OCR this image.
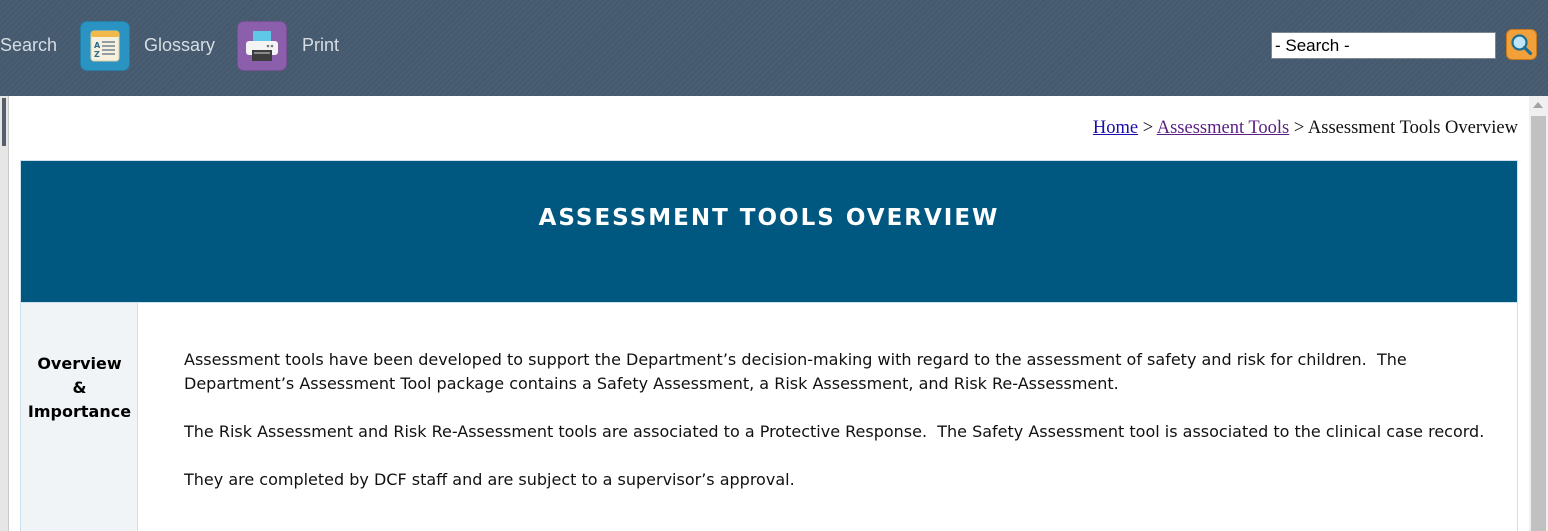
Search	A
Z Glossary	Print
- Search -
Home > Assessment Tools > Assessment Tools Overview
ASSESSMENT TOOLS OVERVIEW
Overview
&
Importance

Assessment tools have been developed to support the Department’s decision-making with regard to the assessment of safety and risk for children.  The Department’s Assessment Tool package contains a Safety Assessment, a Risk Assessment, and Risk Re-Assessment.

The Risk Assessment and Risk Re-Assessment tools are associated to a Protective Response.  The Safety Assessment tool is associated to the clinical case record.

They are completed by DCF staff and are subject to a supervisor’s approval.
